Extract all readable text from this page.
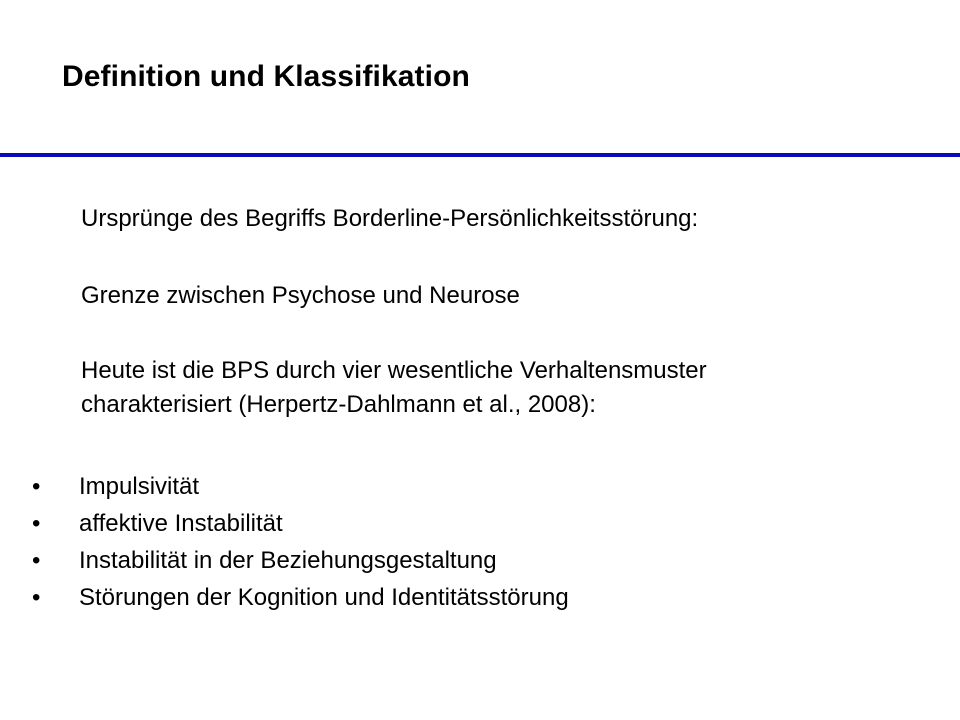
Definition und Klassifikation

Ursprünge des Begriffs Borderline-Persönlichkeitsstörung:

Grenze zwischen Psychose und Neurose

Heute ist die BPS durch vier wesentliche Verhaltensmuster
charakterisiert (Herpertz-Dahlmann et al., 2008):

• Impulsivität
• affektive Instabilität
• Instabilität in der Beziehungsgestaltung
• Störungen der Kognition und Identitätsstörung
